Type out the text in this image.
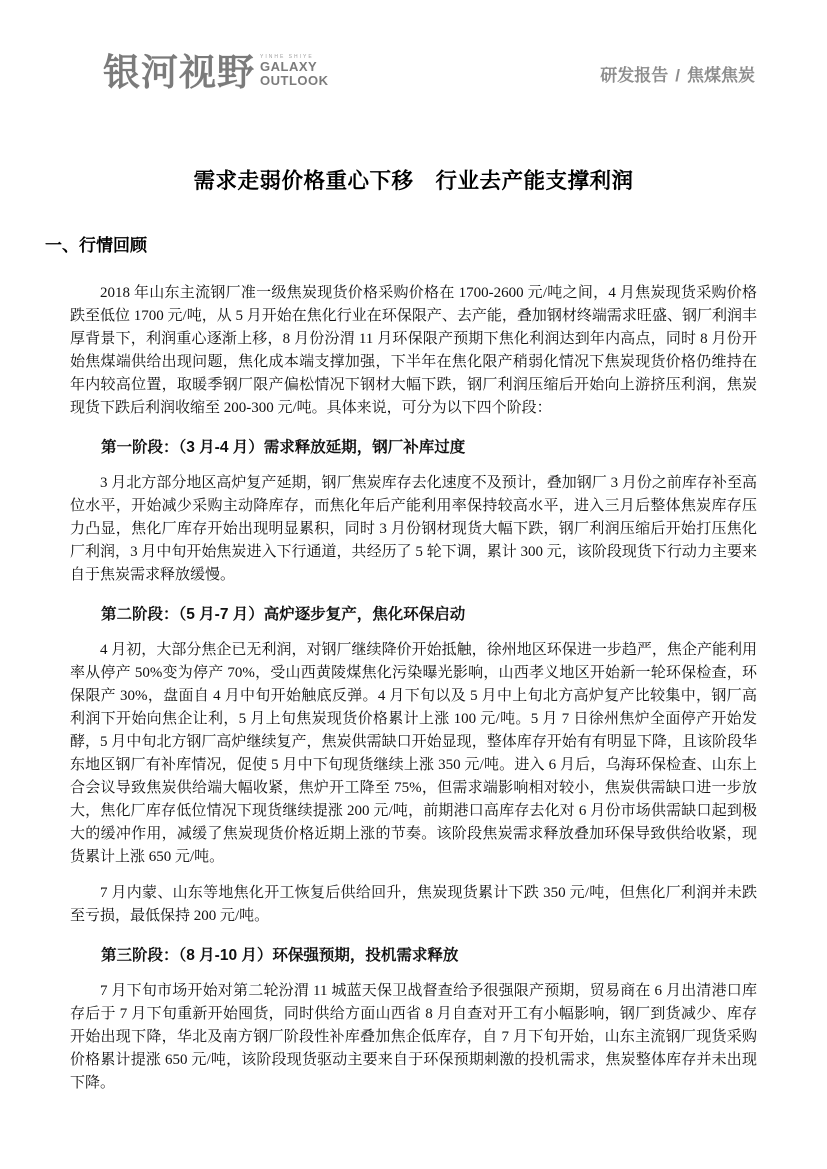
银河视野 YINHE SHIYE
GALAXY
OUTLOOK	研发报告 / 焦煤焦炭
需求走弱价格重心下移　行业去产能支撑利润
一、行情回顾
2018 年山东主流钢厂准一级焦炭现货价格采购价格在 1700-2600 元/吨之间，4 月焦炭现货采购价格跌至低位 1700 元/吨，从 5 月开始在焦化行业在环保限产、去产能，叠加钢材终端需求旺盛、钢厂利润丰厚背景下，利润重心逐渐上移，8 月份汾渭 11 月环保限产预期下焦化利润达到年内高点，同时 8 月份开始焦煤端供给出现问题，焦化成本端支撑加强，下半年在焦化限产稍弱化情况下焦炭现货价格仍维持在年内较高位置，取暖季钢厂限产偏松情况下钢材大幅下跌，钢厂利润压缩后开始向上游挤压利润，焦炭现货下跌后利润收缩至 200-300 元/吨。具体来说，可分为以下四个阶段：
第一阶段：（3 月-4 月）需求释放延期，钢厂补库过度
3 月北方部分地区高炉复产延期，钢厂焦炭库存去化速度不及预计，叠加钢厂 3 月份之前库存补至高位水平，开始减少采购主动降库存，而焦化年后产能利用率保持较高水平，进入三月后整体焦炭库存压力凸显，焦化厂库存开始出现明显累积，同时 3 月份钢材现货大幅下跌，钢厂利润压缩后开始打压焦化厂利润，3 月中旬开始焦炭进入下行通道，共经历了 5 轮下调，累计 300 元，该阶段现货下行动力主要来自于焦炭需求释放缓慢。
第二阶段：（5 月-7 月）高炉逐步复产，焦化环保启动
4 月初，大部分焦企已无利润，对钢厂继续降价开始抵触，徐州地区环保进一步趋严，焦企产能利用率从停产 50%变为停产 70%，受山西黄陵煤焦化污染曝光影响，山西孝义地区开始新一轮环保检查，环保限产 30%，盘面自 4 月中旬开始触底反弹。4 月下旬以及 5 月中上旬北方高炉复产比较集中，钢厂高利润下开始向焦企让利，5 月上旬焦炭现货价格累计上涨 100 元/吨。5 月 7 日徐州焦炉全面停产开始发酵，5 月中旬北方钢厂高炉继续复产，焦炭供需缺口开始显现，整体库存开始有有明显下降，且该阶段华东地区钢厂有补库情况，促使 5 月中下旬现货继续上涨 350 元/吨。进入 6 月后，乌海环保检查、山东上合会议导致焦炭供给端大幅收紧，焦炉开工降至 75%，但需求端影响相对较小，焦炭供需缺口进一步放大，焦化厂库存低位情况下现货继续提涨 200 元/吨，前期港口高库存去化对 6 月份市场供需缺口起到极大的缓冲作用，减缓了焦炭现货价格近期上涨的节奏。该阶段焦炭需求释放叠加环保导致供给收紧，现货累计上涨 650 元/吨。
7 月内蒙、山东等地焦化开工恢复后供给回升，焦炭现货累计下跌 350 元/吨，但焦化厂利润并未跌至亏损，最低保持 200 元/吨。
第三阶段：（8 月-10 月）环保强预期，投机需求释放
7 月下旬市场开始对第二轮汾渭 11 城蓝天保卫战督查给予很强限产预期，贸易商在 6 月出清港口库存后于 7 月下旬重新开始囤货，同时供给方面山西省 8 月自查对开工有小幅影响，钢厂到货减少、库存开始出现下降，华北及南方钢厂阶段性补库叠加焦企低库存，自 7 月下旬开始，山东主流钢厂现货采购价格累计提涨 650 元/吨，该阶段现货驱动主要来自于环保预期刺激的投机需求，焦炭整体库存并未出现下降。
